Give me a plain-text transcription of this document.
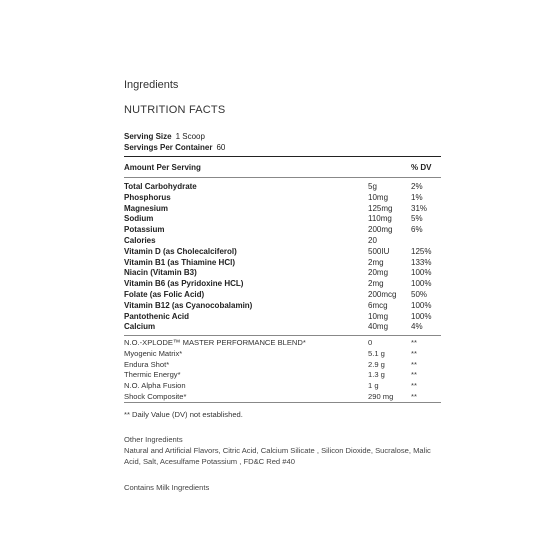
Ingredients
NUTRITION FACTS
Serving Size 1 Scoop
Servings Per Container 60
Amount Per Serving	% DV
Total Carbohydrate	5g	2%
Phosphorus	10mg	1%
Magnesium	125mg 31%
Sodium	110mg 5%
Potassium	200mg 6%
Calories	20
Vitamin D (as Cholecalciferol)	500IU	125%
Vitamin B1 (as Thiamine HCl)	2mg	133%
Niacin (Vitamin B3)	20mg	100%
Vitamin B6 (as Pyridoxine HCL)	2mg	100%
Folate (as Folic Acid)	200mcg 50%
Vitamin B12 (as Cyanocobalamin)	6mcg	100%
Pantothenic Acid	10mg	100%
Calcium	40mg	4%
N.O.-XPLODE™ MASTER PERFORMANCE BLEND*	0	**
Myogenic Matrix*	5.1 g	**
Endura Shot*	2.9 g	**
Thermic Energy*	1.3 g	**
N.O. Alpha Fusion	1 g	**
Shock Composite*	290 mg **
** Daily Value (DV) not established.
Other Ingredients
Natural and Artificial Flavors, Citric Acid, Calcium Silicate , Silicon Dioxide, Sucralose, Malic Acid, Salt, Acesulfame Potassium , FD&C Red #40
Contains Milk Ingredients
